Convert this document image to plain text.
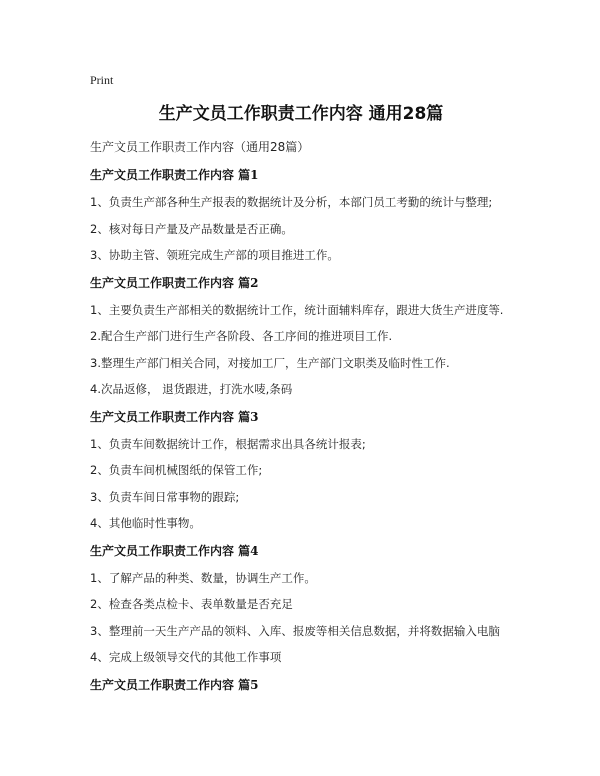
Print
生产文员工作职责工作内容 通用28篇
生产文员工作职责工作内容（通用28篇）
生产文员工作职责工作内容 篇1
1、负责生产部各种生产报表的数据统计及分析，本部门员工考勤的统计与整理;
2、核对每日产量及产品数量是否正确。
3、协助主管、领班完成生产部的项目推进工作。
生产文员工作职责工作内容 篇2
1、主要负责生产部相关的数据统计工作，统计面辅料库存，跟进大货生产进度等.
2.配合生产部门进行生产各阶段、各工序间的推进项目工作.
3.整理生产部门相关合同，对接加工厂，生产部门文职类及临时性工作.
4.次品返修， 退货跟进，打洗水唛,条码
生产文员工作职责工作内容 篇3
1、负责车间数据统计工作，根据需求出具各统计报表;
2、负责车间机械图纸的保管工作;
3、负责车间日常事物的跟踪;
4、其他临时性事物。
生产文员工作职责工作内容 篇4
1、了解产品的种类、数量，协调生产工作。
2、检查各类点检卡、表单数量是否充足
3、整理前一天生产产品的领料、入库、报废等相关信息数据，并将数据输入电脑
4、完成上级领导交代的其他工作事项
生产文员工作职责工作内容 篇5
